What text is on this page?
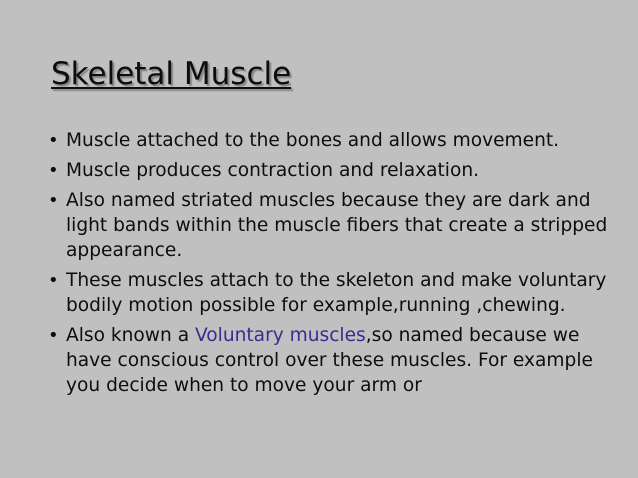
Skeletal Muscle
• Muscle attached to the bones and allows movement.
• Muscle produces contraction and relaxation.
• Also named striated muscles because they are dark and light bands within the muscle fibers that create a stripped appearance.
• These muscles attach to the skeleton and make voluntary bodily motion possible for example,running ,chewing.
• Also known a Voluntary muscles,so named because we have conscious control over these muscles. For example you decide when to move your arm or
